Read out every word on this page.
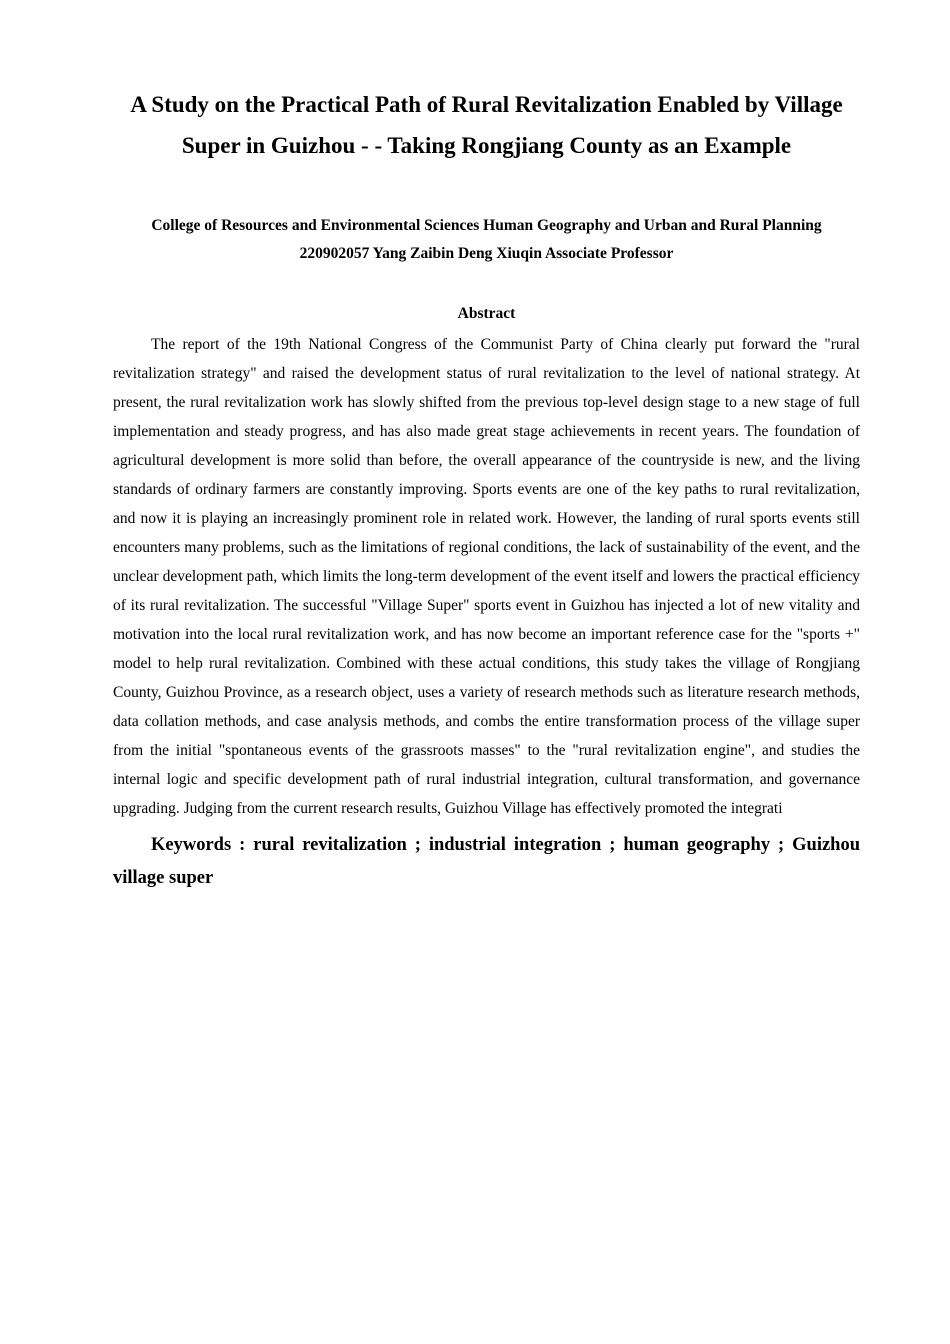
A Study on the Practical Path of Rural Revitalization Enabled by Village Super in Guizhou - - Taking Rongjiang County as an Example
College of Resources and Environmental Sciences Human Geography and Urban and Rural Planning
220902057 Yang Zaibin Deng Xiuqin Associate Professor
Abstract

The report of the 19th National Congress of the Communist Party of China clearly put forward the "rural revitalization strategy" and raised the development status of rural revitalization to the level of national strategy. At present, the rural revitalization work has slowly shifted from the previous top-level design stage to a new stage of full implementation and steady progress, and has also made great stage achievements in recent years. The foundation of agricultural development is more solid than before, the overall appearance of the countryside is new, and the living standards of ordinary farmers are constantly improving. Sports events are one of the key paths to rural revitalization, and now it is playing an increasingly prominent role in related work. However, the landing of rural sports events still encounters many problems, such as the limitations of regional conditions, the lack of sustainability of the event, and the unclear development path, which limits the long-term development of the event itself and lowers the practical efficiency of its rural revitalization. The successful "Village Super" sports event in Guizhou has injected a lot of new vitality and motivation into the local rural revitalization work, and has now become an important reference case for the "sports +" model to help rural revitalization. Combined with these actual conditions, this study takes the village of Rongjiang County, Guizhou Province, as a research object, uses a variety of research methods such as literature research methods, data collation methods, and case analysis methods, and combs the entire transformation process of the village super from the initial "spontaneous events of the grassroots masses" to the "rural revitalization engine", and studies the internal logic and specific development path of rural industrial integration, cultural transformation, and governance upgrading. Judging from the current research results, Guizhou Village has effectively promoted the integrati

Keywords : rural revitalization ; industrial integration ; human geography ; Guizhou village super
